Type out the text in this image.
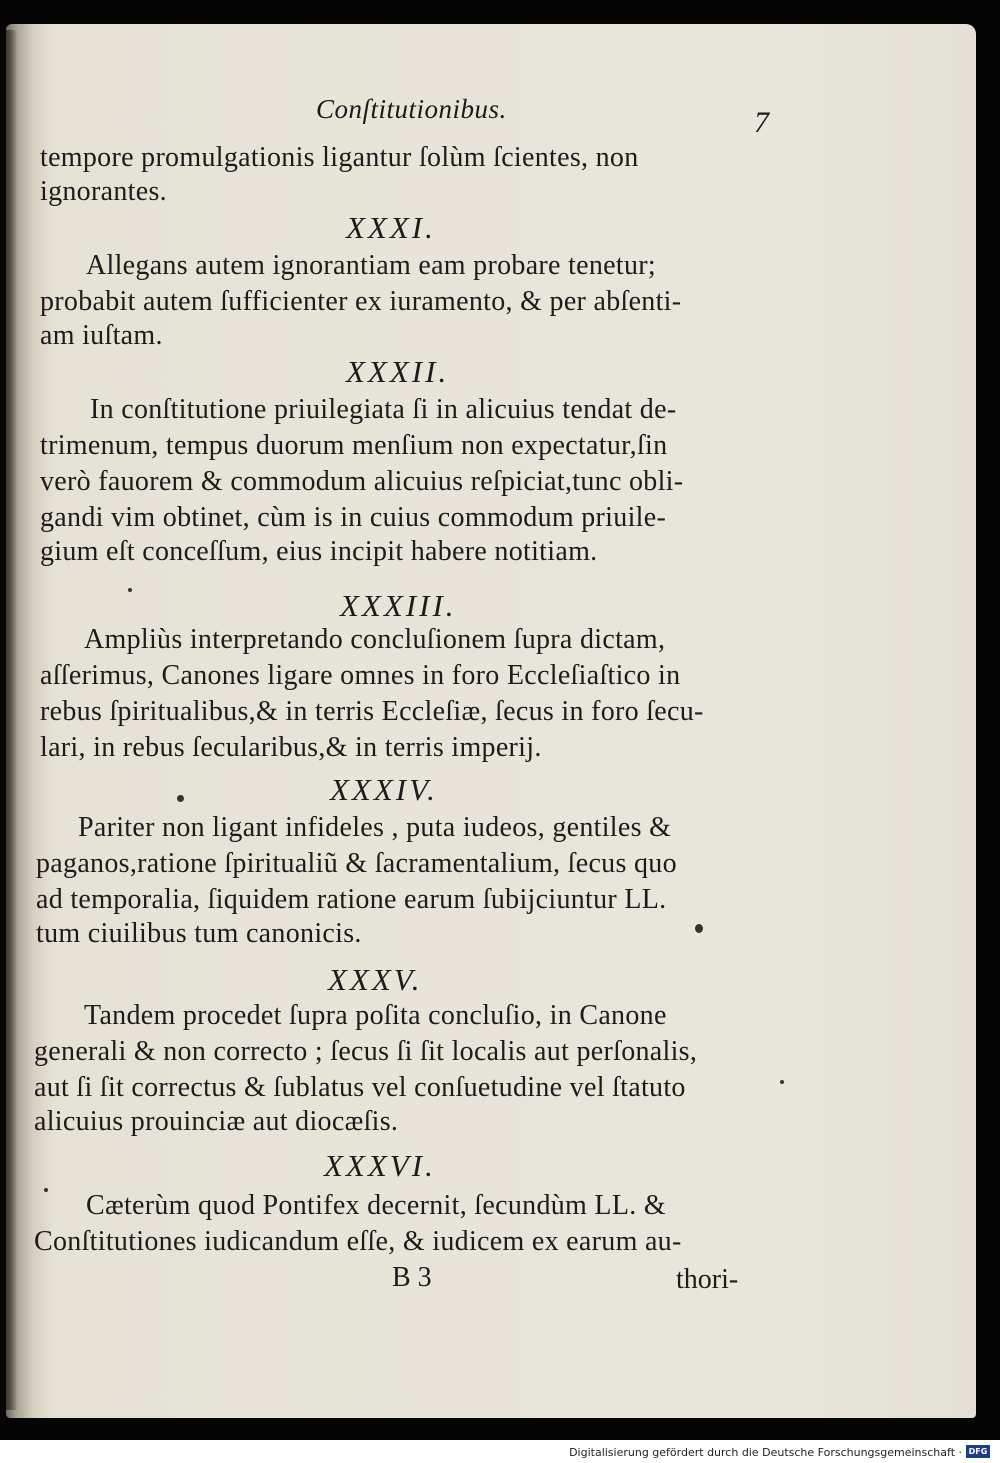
Conſtitutionibus.	7
tempore promulgationis ligantur ſolùm ſcientes, non
ignorantes.
XXXI.
Allegans autem ignorantiam eam probare tenetur;
probabit autem ſufficienter ex iuramento, & per abſenti-
am iuſtam.
XXXII.
In conſtitutione priuilegiata ſi in alicuius tendat de-
trimenum, tempus duorum menſium non expectatur,ſin
verò fauorem & commodum alicuius reſpiciat,tunc obli-
gandi vim obtinet, cùm is in cuius commodum priuile-
gium eſt conceſſum, eius incipit habere notitiam.
XXXIII.
Ampliùs interpretando concluſionem ſupra dictam,
aſſerimus, Canones ligare omnes in foro Eccleſiaſtico in
rebus ſpiritualibus,& in terris Eccleſiæ, ſecus in foro ſecu-
lari, in rebus ſecularibus,& in terris imperij.
XXXIV.
Pariter non ligant infideles , puta iudeos, gentiles &
paganos,ratione ſpiritualiũ & ſacramentalium, ſecus quo
ad temporalia, ſiquidem ratione earum ſubijciuntur LL.
tum ciuilibus tum canonicis.
XXXV.
Tandem procedet ſupra poſita concluſio, in Canone
generali & non correcto ; ſecus ſi ſit localis aut perſonalis,
aut ſi ſit correctus & ſublatus vel conſuetudine vel ſtatuto
alicuius prouinciæ aut diocæſis.
XXXVI.
Cæterùm quod Pontifex decernit, ſecundùm LL. &
Conſtitutiones iudicandum eſſe, & iudicem ex earum au-
B 3	thori-
Digitalisierung gefördert durch die Deutsche Forschungsgemeinschaft · DFG
